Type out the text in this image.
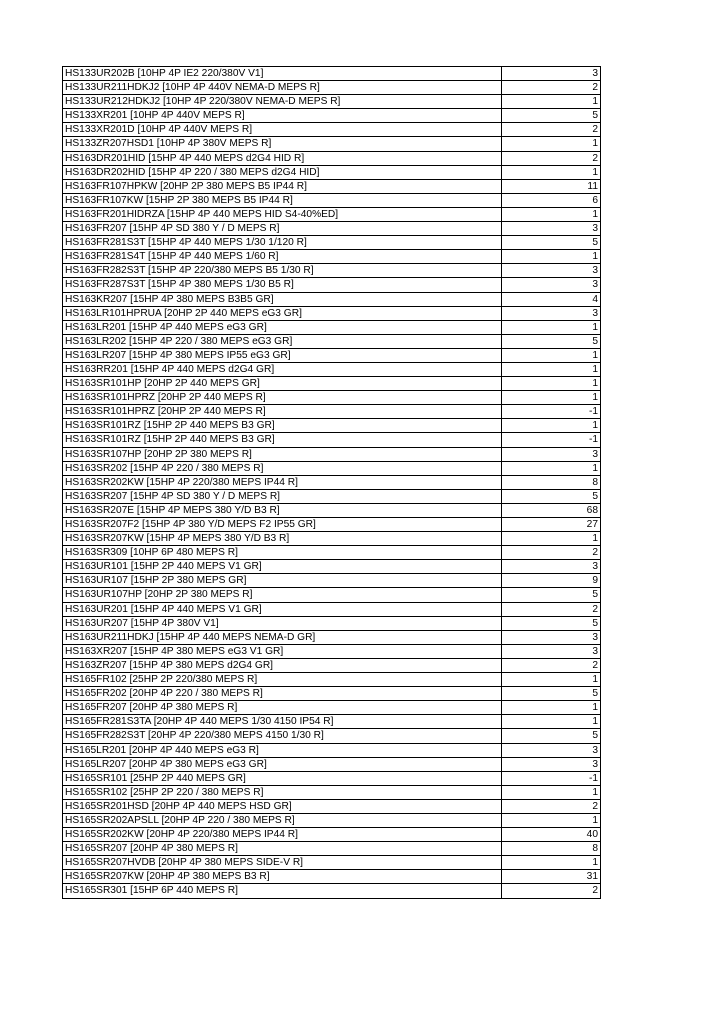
HS133UR202B [10HP 4P IE2 220/380V V1]	3
HS133UR211HDKJ2 [10HP 4P 440V NEMA-D MEPS R]	2
HS133UR212HDKJ2 [10HP 4P 220/380V NEMA-D MEPS R]	1
HS133XR201 [10HP 4P 440V MEPS R]	5
HS133XR201D [10HP 4P 440V MEPS R]	2
HS133ZR207HSD1 [10HP 4P 380V MEPS R]	1
HS163DR201HID [15HP 4P 440 MEPS d2G4 HID R]	2
HS163DR202HID [15HP 4P 220 / 380 MEPS d2G4 HID]	1
HS163FR107HPKW [20HP 2P 380 MEPS B5 IP44 R]	11
HS163FR107KW [15HP 2P 380 MEPS B5 IP44 R]	6
HS163FR201HIDRZA [15HP 4P 440 MEPS HID S4-40%ED]	1
HS163FR207 [15HP 4P SD 380 Y / D MEPS R]	3
HS163FR281S3T [15HP 4P 440 MEPS 1/30 1/120 R]	5
HS163FR281S4T [15HP 4P 440 MEPS 1/60 R]	1
HS163FR282S3T [15HP 4P 220/380 MEPS B5 1/30 R]	3
HS163FR287S3T [15HP 4P 380 MEPS 1/30 B5 R]	3
HS163KR207 [15HP 4P 380 MEPS B3B5 GR]	4
HS163LR101HPRUA [20HP 2P 440 MEPS eG3 GR]	3
HS163LR201 [15HP 4P 440 MEPS eG3 GR]	1
HS163LR202 [15HP 4P 220 / 380 MEPS eG3 GR]	5
HS163LR207 [15HP 4P 380 MEPS IP55 eG3 GR]	1
HS163RR201 [15HP 4P 440 MEPS d2G4 GR]	1
HS163SR101HP [20HP 2P 440 MEPS GR]	1
HS163SR101HPRZ [20HP 2P 440 MEPS R]	1
HS163SR101HPRZ [20HP 2P 440 MEPS R]	-1
HS163SR101RZ [15HP 2P 440 MEPS B3 GR]	1
HS163SR101RZ [15HP 2P 440 MEPS B3 GR]	-1
HS163SR107HP [20HP 2P 380 MEPS R]	3
HS163SR202 [15HP 4P 220 / 380 MEPS R]	1
HS163SR202KW [15HP 4P 220/380 MEPS IP44 R]	8
HS163SR207 [15HP 4P SD 380 Y / D MEPS R]	5
HS163SR207E [15HP 4P MEPS 380 Y/D B3 R]	68
HS163SR207F2 [15HP 4P 380 Y/D MEPS F2 IP55 GR]	27
HS163SR207KW [15HP 4P MEPS 380 Y/D B3 R]	1
HS163SR309 [10HP 6P 480 MEPS R]	2
HS163UR101 [15HP 2P 440 MEPS V1 GR]	3
HS163UR107 [15HP 2P 380 MEPS GR]	9
HS163UR107HP [20HP 2P 380 MEPS R]	5
HS163UR201 [15HP 4P 440 MEPS V1 GR]	2
HS163UR207 [15HP 4P 380V V1]	5
HS163UR211HDKJ [15HP 4P 440 MEPS NEMA-D GR]	3
HS163XR207 [15HP 4P 380 MEPS eG3 V1 GR]	3
HS163ZR207 [15HP 4P 380 MEPS d2G4 GR]	2
HS165FR102 [25HP 2P 220/380 MEPS R]	1
HS165FR202 [20HP 4P 220 / 380 MEPS R]	5
HS165FR207 [20HP 4P 380 MEPS R]	1
HS165FR281S3TA [20HP 4P 440 MEPS 1/30 4150 IP54 R]	1
HS165FR282S3T [20HP 4P 220/380 MEPS 4150 1/30 R]	5
HS165LR201 [20HP 4P 440 MEPS eG3 R]	3
HS165LR207 [20HP 4P 380 MEPS eG3 GR]	3
HS165SR101 [25HP 2P 440 MEPS GR]	-1
HS165SR102 [25HP 2P 220 / 380 MEPS R]	1
HS165SR201HSD [20HP 4P 440 MEPS HSD GR]	2
HS165SR202APSLL [20HP 4P 220 / 380 MEPS R]	1
HS165SR202KW [20HP 4P 220/380 MEPS IP44 R]	40
HS165SR207 [20HP 4P 380 MEPS R]	8
HS165SR207HVDB [20HP 4P 380 MEPS SIDE-V R]	1
HS165SR207KW [20HP 4P 380 MEPS B3 R]	31
HS165SR301 [15HP 6P 440 MEPS R]	2
